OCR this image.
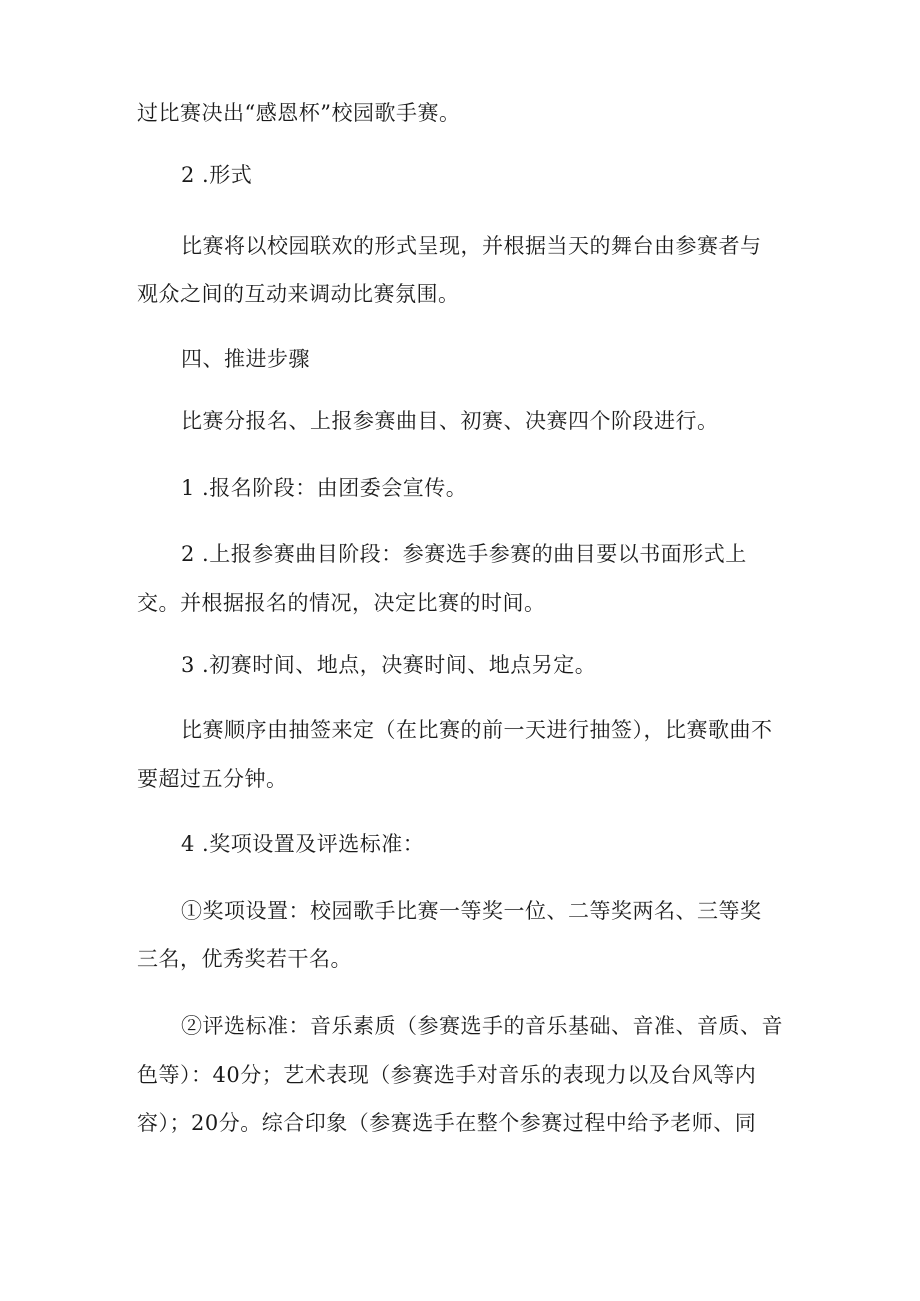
过比赛决出“感恩杯”校园歌手赛。
2 .形式
比赛将以校园联欢的形式呈现，并根据当天的舞台由参赛者与
观众之间的互动来调动比赛氛围。
四、推进步骤
比赛分报名、上报参赛曲目、初赛、决赛四个阶段进行。
1 .报名阶段：由团委会宣传。
2 .上报参赛曲目阶段：参赛选手参赛的曲目要以书面形式上
交。并根据报名的情况，决定比赛的时间。
3 .初赛时间、地点，决赛时间、地点另定。
比赛顺序由抽签来定（在比赛的前一天进行抽签），比赛歌曲不
要超过五分钟。
4 .奖项设置及评选标准：
①奖项设置：校园歌手比赛一等奖一位、二等奖两名、三等奖
三名，优秀奖若干名。
②评选标准：音乐素质（参赛选手的音乐基础、音准、音质、音
色等）：40分；艺术表现（参赛选手对音乐的表现力以及台风等内
容）；20分。综合印象（参赛选手在整个参赛过程中给予老师、同
